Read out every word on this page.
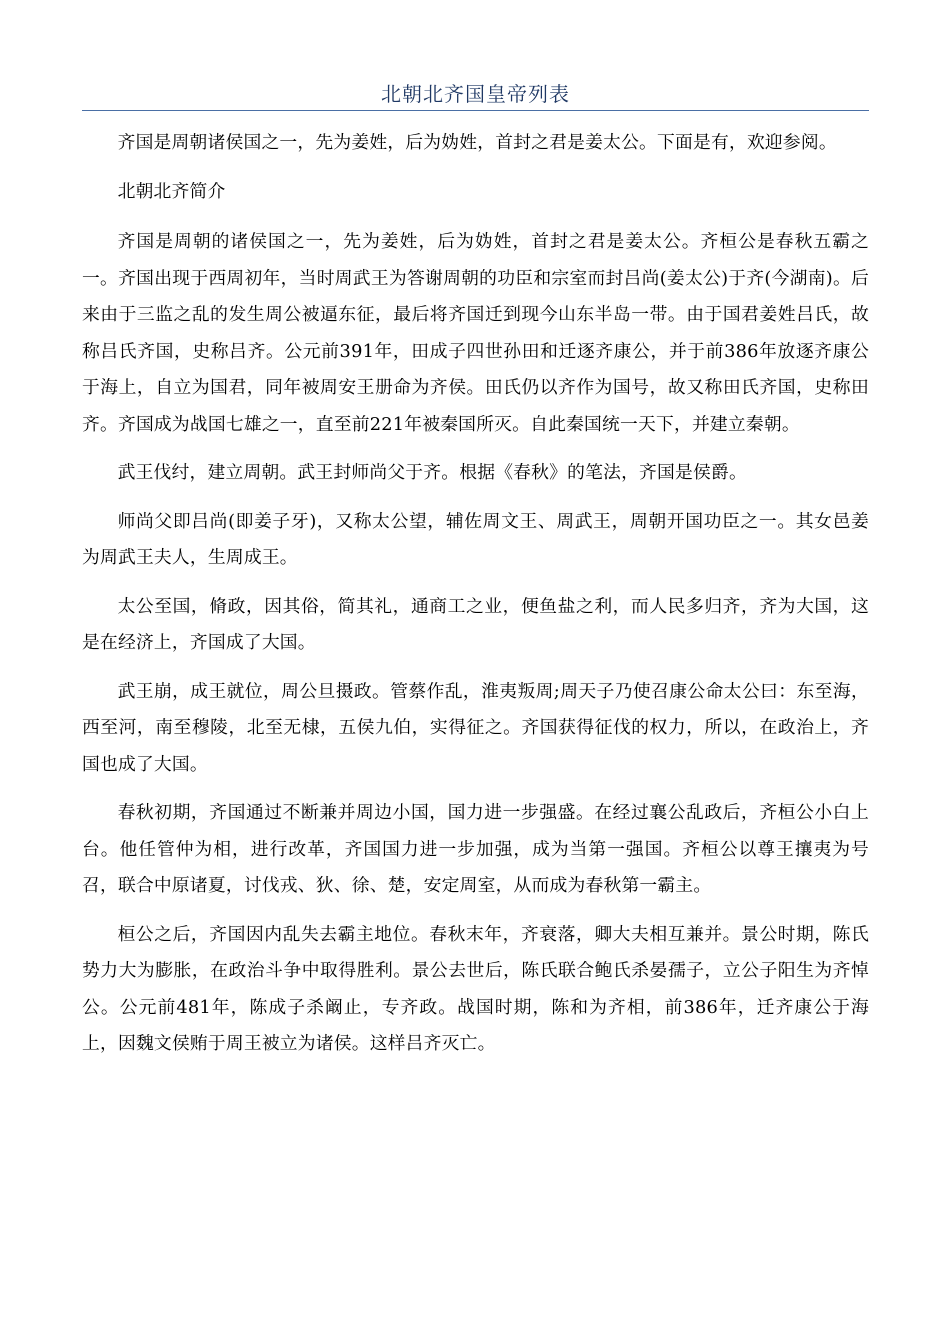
北朝北齐国皇帝列表

齐国是周朝诸侯国之一，先为姜姓，后为妫姓，首封之君是姜太公。下面是有，欢迎参阅。

北朝北齐简介

齐国是周朝的诸侯国之一，先为姜姓，后为妫姓，首封之君是姜太公。齐桓公是春秋五霸之一。齐国出现于西周初年，当时周武王为答谢周朝的功臣和宗室而封吕尚(姜太公)于齐(今湖南)。后来由于三监之乱的发生周公被逼东征，最后将齐国迁到现今山东半岛一带。由于国君姜姓吕氏，故称吕氏齐国，史称吕齐。公元前391年，田成子四世孙田和迁逐齐康公，并于前386年放逐齐康公于海上，自立为国君，同年被周安王册命为齐侯。田氏仍以齐作为国号，故又称田氏齐国，史称田齐。齐国成为战国七雄之一，直至前221年被秦国所灭。自此秦国统一天下，并建立秦朝。

武王伐纣，建立周朝。武王封师尚父于齐。根据《春秋》的笔法，齐国是侯爵。

师尚父即吕尚(即姜子牙)，又称太公望，辅佐周文王、周武王，周朝开国功臣之一。其女邑姜为周武王夫人，生周成王。

太公至国，脩政，因其俗，简其礼，通商工之业，便鱼盐之利，而人民多归齐，齐为大国，这是在经济上，齐国成了大国。

武王崩，成王就位，周公旦摄政。管蔡作乱，淮夷叛周;周天子乃使召康公命太公曰：东至海，西至河，南至穆陵，北至无棣，五侯九伯，实得征之。齐国获得征伐的权力，所以，在政治上，齐国也成了大国。

春秋初期，齐国通过不断兼并周边小国，国力进一步强盛。在经过襄公乱政后，齐桓公小白上台。他任管仲为相，进行改革，齐国国力进一步加强，成为当第一强国。齐桓公以尊王攘夷为号召，联合中原诸夏，讨伐戎、狄、徐、楚，安定周室，从而成为春秋第一霸主。

桓公之后，齐国因内乱失去霸主地位。春秋末年，齐衰落，卿大夫相互兼并。景公时期，陈氏势力大为膨胀，在政治斗争中取得胜利。景公去世后，陈氏联合鲍氏杀晏孺子，立公子阳生为齐悼公。公元前481年，陈成子杀阚止，专齐政。战国时期，陈和为齐相，前386年，迁齐康公于海上，因魏文侯贿于周王被立为诸侯。这样吕齐灭亡。
